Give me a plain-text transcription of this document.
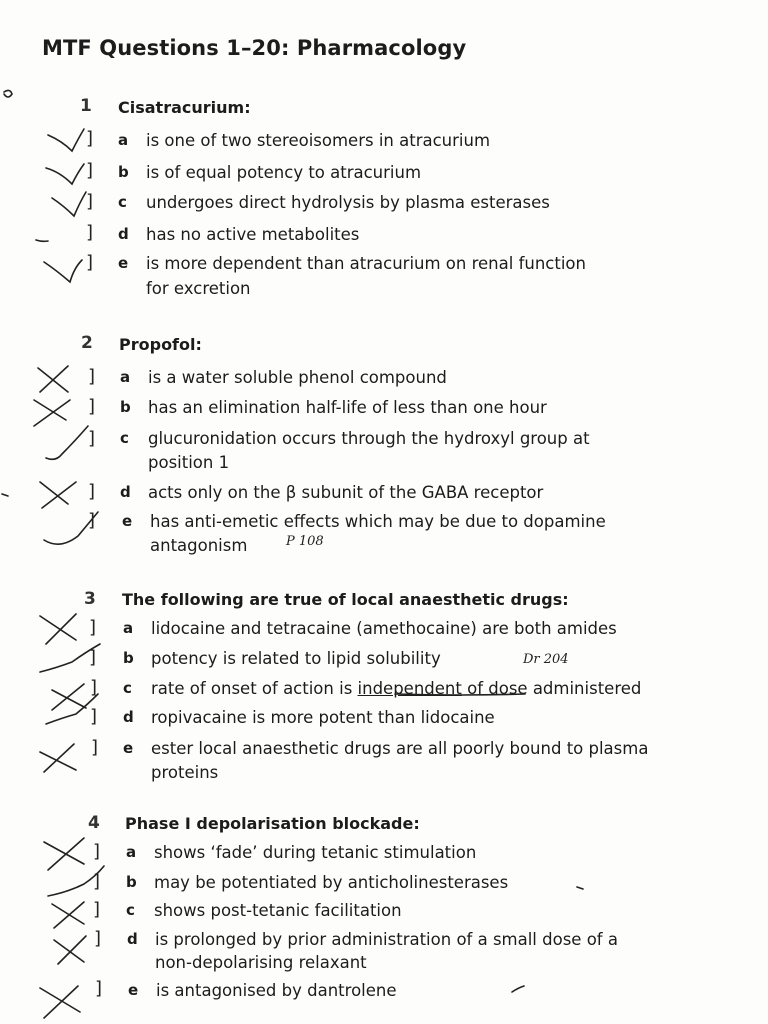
MTF Questions 1–20: Pharmacology
1 Cisatracurium:
] a is one of two stereoisomers in atracurium
] b is of equal potency to atracurium
] c undergoes direct hydrolysis by plasma esterases
] d has no active metabolites
] e is more dependent than atracurium on renal function
for excretion
2 Propofol:
] a is a water soluble phenol compound
] b has an elimination half-life of less than one hour
] c glucuronidation occurs through the hydroxyl group at
position 1
] d acts only on the β subunit of the GABA receptor
] e has anti-emetic effects which may be due to dopamine
antagonism
3 The following are true of local anaesthetic drugs:
] a lidocaine and tetracaine (amethocaine) are both amides
] b potency is related to lipid solubility
] c rate of onset of action is independent of dose administered
] d ropivacaine is more potent than lidocaine
] e ester local anaesthetic drugs are all poorly bound to plasma
proteins
4 Phase I depolarisation blockade:
] a shows ‘fade’ during tetanic stimulation
] b may be potentiated by anticholinesterases
] c shows post-tetanic facilitation
] d is prolonged by prior administration of a small dose of a
non-depolarising relaxant
] e is antagonised by dantrolene
P 108
Dr 204
